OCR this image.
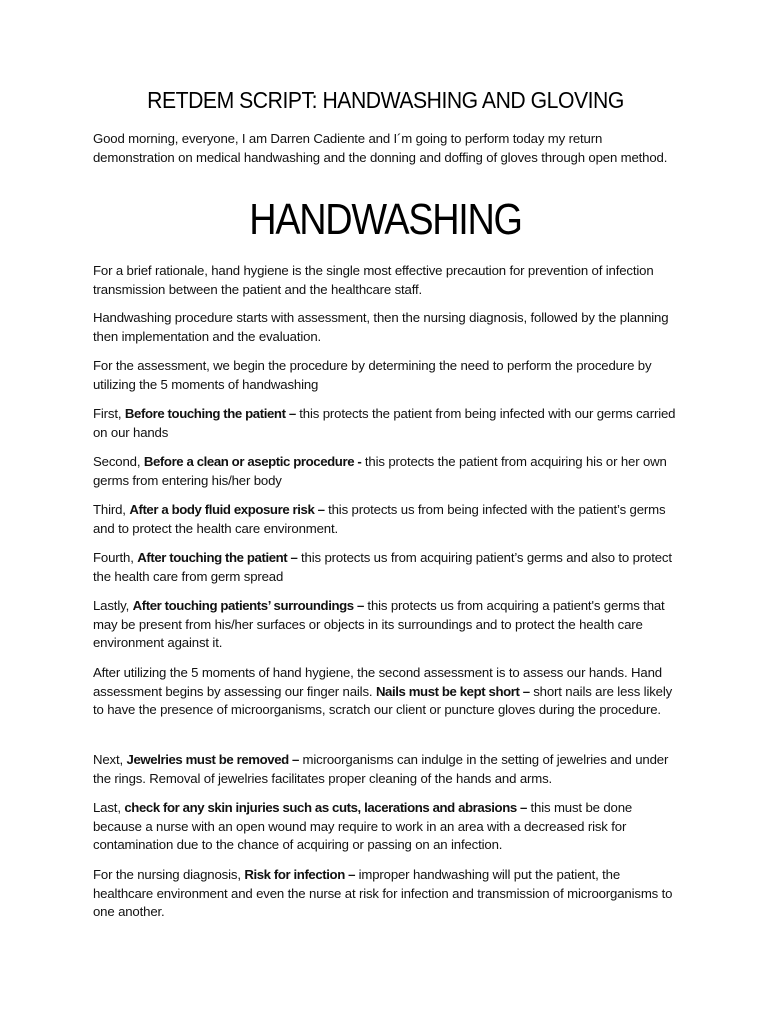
RETDEM SCRIPT: HANDWASHING AND GLOVING

Good morning, everyone, I am Darren Cadiente and I´m going to perform today my return demonstration on medical handwashing and the donning and doffing of gloves through open method.

HANDWASHING

For a brief rationale, hand hygiene is the single most effective precaution for prevention of infection transmission between the patient and the healthcare staff.

Handwashing procedure starts with assessment, then the nursing diagnosis, followed by the planning then implementation and the evaluation.

For the assessment, we begin the procedure by determining the need to perform the procedure by utilizing the 5 moments of handwashing

First, Before touching the patient – this protects the patient from being infected with our germs carried on our hands

Second, Before a clean or aseptic procedure - this protects the patient from acquiring his or her own germs from entering his/her body

Third, After a body fluid exposure risk – this protects us from being infected with the patient’s germs and to protect the health care environment.

Fourth, After touching the patient – this protects us from acquiring patient’s germs and also to protect the health care from germ spread

Lastly, After touching patients’ surroundings – this protects us from acquiring a patient's germs that may be present from his/her surfaces or objects in its surroundings and to protect the health care environment against it.

After utilizing the 5 moments of hand hygiene, the second assessment is to assess our hands. Hand assessment begins by assessing our finger nails. Nails must be kept short – short nails are less likely to have the presence of microorganisms, scratch our client or puncture gloves during the procedure.

Next, Jewelries must be removed – microorganisms can indulge in the setting of jewelries and under the rings. Removal of jewelries facilitates proper cleaning of the hands and arms.

Last, check for any skin injuries such as cuts, lacerations and abrasions – this must be done because a nurse with an open wound may require to work in an area with a decreased risk for contamination due to the chance of acquiring or passing on an infection.

For the nursing diagnosis, Risk for infection – improper handwashing will put the patient, the healthcare environment and even the nurse at risk for infection and transmission of microorganisms to one another.
